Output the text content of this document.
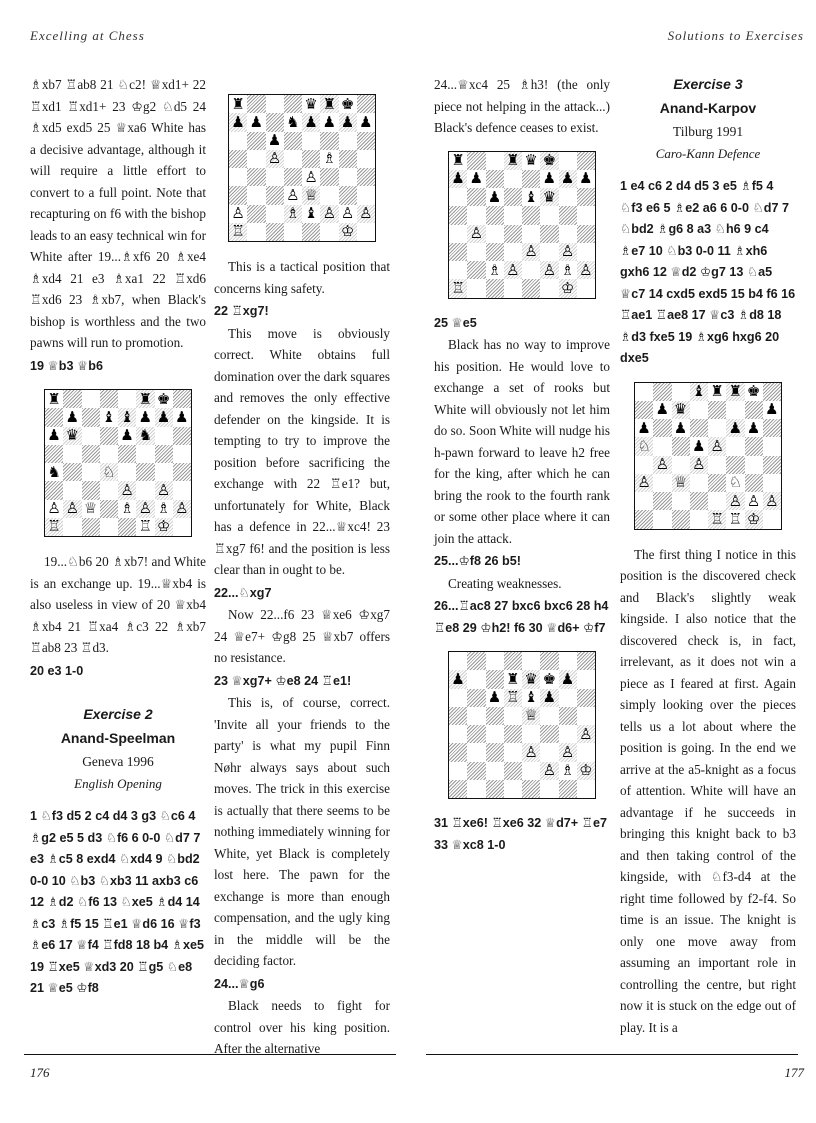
Excelling at Chess

♗xb7 ♖ab8 21 ♘c2! ♕xd1+ 22 ♖xd1 ♖xd1+ 23 ♔g2 ♘d5 24 ♗xd5 exd5 25 ♕xa6 White has a decisive advantage, although it will require a little effort to convert to a full point. Note that recapturing on f6 with the bishop leads to an easy technical win for White after 19...♗xf6 20 ♗xe4 ♗xd4 21 e3 ♗xa1 22 ♖xd6 ♖xd6 23 ♗xb7, when Black's bishop is worthless and the two pawns will run to promotion.

19 ♕b3 ♕b6

♜	♜ ♚
♟ ♝ ♝ ♟ ♟ ♟
♟ ♛	♟ ♞
♞	♘
♙ ♙
♙ ♙ ♕ ♗ ♙ ♗ ♙
♖	♖ ♔

19...♘b6 20 ♗xb7! and White is an exchange up. 19...♕xb4 is also useless in view of 20 ♕xb4 ♗xb4 21 ♖xa4 ♗c3 22 ♗xb7 ♖ab8 23 ♖d3.

20 e3 1-0

Exercise 2

Anand-Speelman

Geneva 1996

English Opening

1 ♘f3 d5 2 c4 d4 3 g3 ♘c6 4 ♗g2 e5 5 d3 ♘f6 6 0-0 ♘d7 7 e3 ♗c5 8 exd4 ♘xd4 9 ♘bd2 0-0 10 ♘b3 ♘xb3 11 axb3 c6 12 ♗d2 ♘f6 13 ♘xe5 ♗d4 14 ♗c3 ♗f5 15 ♖e1 ♕d6 16 ♕f3 ♗e6 17 ♕f4 ♖fd8 18 b4 ♗xe5 19 ♖xe5 ♕xd3 20 ♖g5 ♘e8 21 ♕e5 ♔f8

♜	♛ ♜ ♚
♟ ♟ ♞ ♟ ♟ ♟ ♟
♟
♙	♗
♙
♙ ♕
♙	♗ ♝ ♙ ♙ ♙
♖	♔

This is a tactical position that concerns king safety.

22 ♖xg7!

This move is obviously correct. White obtains full domination over the dark squares and removes the only effective defender on the kingside. It is tempting to try to improve the position before sacrificing the exchange with 22 ♖e1? but, unfortunately for White, Black has a defence in 22...♕xc4! 23 ♖xg7 f6! and the position is less clear than in ought to be.

22...♘xg7

Now 22...f6 23 ♕xe6 ♔xg7 24 ♕e7+ ♔g8 25 ♕xb7 offers no resistance.

23 ♕xg7+ ♔e8 24 ♖e1!

This is, of course, correct. 'Invite all your friends to the party' is what my pupil Finn Nøhr always says about such moves. The trick in this exercise is actually that there seems to be nothing immediately winning for White, yet Black is completely lost here. The pawn for the exchange is more than enough compensation, and the ugly king in the middle will be the deciding factor.

24...♕g6

Black needs to fight for control over his king position. After the alternative

176
Solutions to Exercises

24...♕xc4 25 ♗h3! (the only piece not helping in the attack...) Black's defence ceases to exist.

♜	♜ ♛ ♚
♟ ♟	♟ ♟ ♟
♟ ♝ ♛
♙
♙ ♙
♗ ♙ ♙ ♗ ♙
♖	♔

25 ♕e5

Black has no way to improve his position. He would love to exchange a set of rooks but White will obviously not let him do so. Soon White will nudge his h-pawn forward to leave h2 free for the king, after which he can bring the rook to the fourth rank or some other place where it can join the attack.

25...♔f8 26 b5!

Creating weaknesses.

26...♖ac8 27 bxc6 bxc6 28 h4 ♖e8 29 ♔h2! f6 30 ♕d6+ ♔f7

♟	♜ ♛ ♚ ♟
♟ ♖ ♝ ♟
♕
♙
♙ ♙
♙ ♗ ♔

31 ♖xe6! ♖xe6 32 ♕d7+ ♖e7 33 ♕xc8 1-0

Exercise 3

Anand-Karpov

Tilburg 1991

Caro-Kann Defence

1 e4 c6 2 d4 d5 3 e5 ♗f5 4 ♘f3 e6 5 ♗e2 a6 6 0-0 ♘d7 7 ♘bd2 ♗g6 8 a3 ♘h6 9 c4 ♗e7 10 ♘b3 0-0 11 ♗xh6 gxh6 12 ♕d2 ♔g7 13 ♘a5 ♕c7 14 cxd5 exd5 15 b4 f6 16 ♖ae1 ♖ae8 17 ♕c3 ♗d8 18 ♗d3 fxe5 19 ♗xg6 hxg6 20 dxe5

♝ ♜ ♜ ♚
♟ ♛	♟
♟ ♟	♟ ♟
♘	♟ ♙
♙ ♙
♙ ♕	♘
♙ ♙ ♙
♖ ♖ ♔

The first thing I notice in this position is the discovered check and Black's slightly weak kingside. I also notice that the discovered check is, in fact, irrelevant, as it does not win a piece as I feared at first. Again simply looking over the pieces tells us a lot about where the position is going. In the end we arrive at the a5-knight as a focus of attention. White will have an advantage if he succeeds in bringing this knight back to b3 and then taking control of the kingside, with ♘f3-d4 at the right time followed by f2-f4. So time is an issue. The knight is only one move away from assuming an important role in controlling the centre, but right now it is stuck on the edge out of play. It is a

177
